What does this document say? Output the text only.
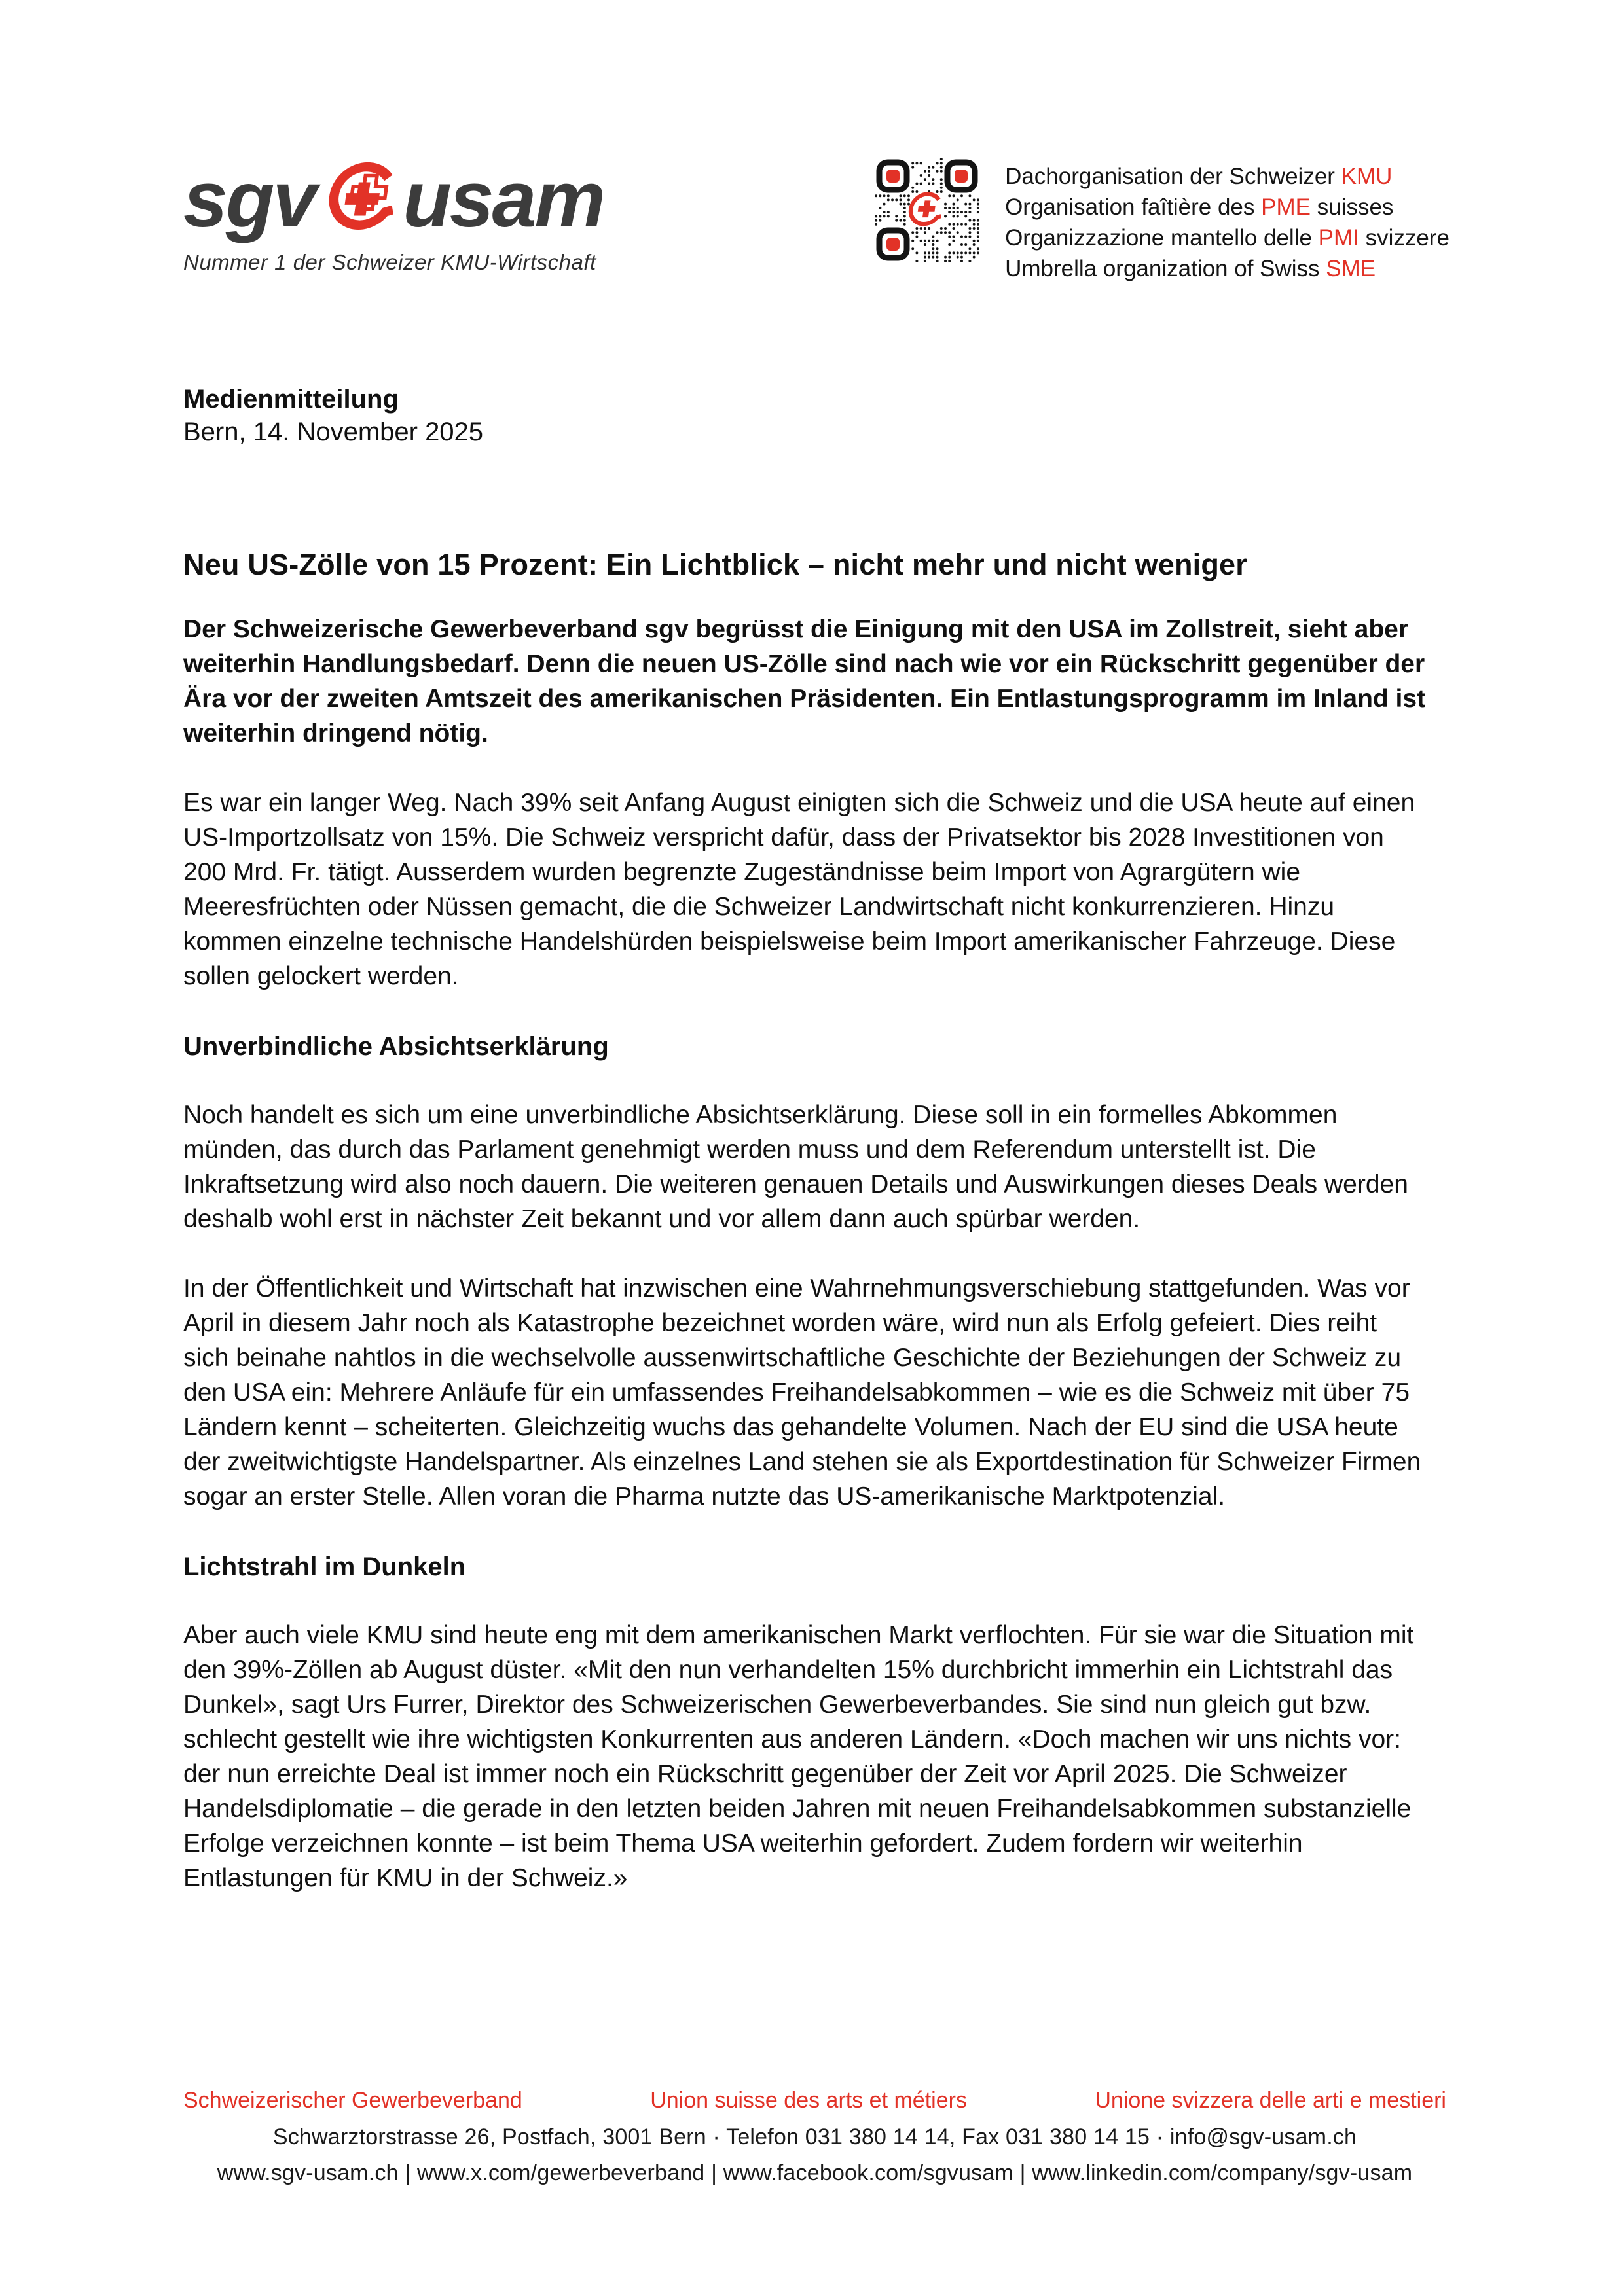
sgv usam
Nummer 1 der Schweizer KMU-Wirtschaft
Dachorganisation der Schweizer KMU
Organisation faîtière des PME suisses
Organizzazione mantello delle PMI svizzere
Umbrella organization of Swiss SME

Medienmitteilung

Bern, 14. November 2025

Neu US-Zölle von 15 Prozent: Ein Lichtblick – nicht mehr und nicht weniger

Der Schweizerische Gewerbeverband sgv begrüsst die Einigung mit den USA im Zollstreit, sieht aber weiterhin Handlungsbedarf. Denn die neuen US-Zölle sind nach wie vor ein Rückschritt gegenüber der Ära vor der zweiten Amtszeit des amerikanischen Präsidenten. Ein Entlastungsprogramm im Inland ist weiterhin dringend nötig.

Es war ein langer Weg. Nach 39% seit Anfang August einigten sich die Schweiz und die USA heute auf einen US-Importzollsatz von 15%. Die Schweiz verspricht dafür, dass der Privatsektor bis 2028 Investitionen von 200 Mrd. Fr. tätigt. Ausserdem wurden begrenzte Zugeständnisse beim Import von Agrargütern wie Meeresfrüchten oder Nüssen gemacht, die die Schweizer Landwirtschaft nicht konkurrenzieren. Hinzu kommen einzelne technische Handelshürden beispielsweise beim Import amerikanischer Fahrzeuge. Diese sollen gelockert werden.

Unverbindliche Absichtserklärung

Noch handelt es sich um eine unverbindliche Absichtserklärung. Diese soll in ein formelles Abkommen münden, das durch das Parlament genehmigt werden muss und dem Referendum unterstellt ist. Die Inkraftsetzung wird also noch dauern. Die weiteren genauen Details und Auswirkungen dieses Deals werden deshalb wohl erst in nächster Zeit bekannt und vor allem dann auch spürbar werden.

In der Öffentlichkeit und Wirtschaft hat inzwischen eine Wahrnehmungsverschiebung stattgefunden. Was vor April in diesem Jahr noch als Katastrophe bezeichnet worden wäre, wird nun als Erfolg gefeiert. Dies reiht sich beinahe nahtlos in die wechselvolle aussenwirtschaftliche Geschichte der Beziehungen der Schweiz zu den USA ein: Mehrere Anläufe für ein umfassendes Freihandelsabkommen – wie es die Schweiz mit über 75 Ländern kennt – scheiterten. Gleichzeitig wuchs das gehandelte Volumen. Nach der EU sind die USA heute der zweitwichtigste Handelspartner. Als einzelnes Land stehen sie als Exportdestination für Schweizer Firmen sogar an erster Stelle. Allen voran die Pharma nutzte das US-amerikanische Marktpotenzial.

Lichtstrahl im Dunkeln

Aber auch viele KMU sind heute eng mit dem amerikanischen Markt verflochten. Für sie war die Situation mit den 39%-Zöllen ab August düster. «Mit den nun verhandelten 15% durchbricht immerhin ein Lichtstrahl das Dunkel», sagt Urs Furrer, Direktor des Schweizerischen Gewerbeverbandes. Sie sind nun gleich gut bzw. schlecht gestellt wie ihre wichtigsten Konkurrenten aus anderen Ländern. «Doch machen wir uns nichts vor: der nun erreichte Deal ist immer noch ein Rückschritt gegenüber der Zeit vor April 2025. Die Schweizer Handelsdiplomatie – die gerade in den letzten beiden Jahren mit neuen Freihandelsabkommen substanzielle Erfolge verzeichnen konnte – ist beim Thema USA weiterhin gefordert. Zudem fordern wir weiterhin Entlastungen für KMU in der Schweiz.»

Schweizerischer Gewerbeverband	Union suisse des arts et métiers	Unione svizzera delle arti e mestieri
Schwarztorstrasse 26, Postfach, 3001 Bern · Telefon 031 380 14 14, Fax 031 380 14 15 · info@sgv-usam.ch
www.sgv-usam.ch | www.x.com/gewerbeverband | www.facebook.com/sgvusam | www.linkedin.com/company/sgv-usam
